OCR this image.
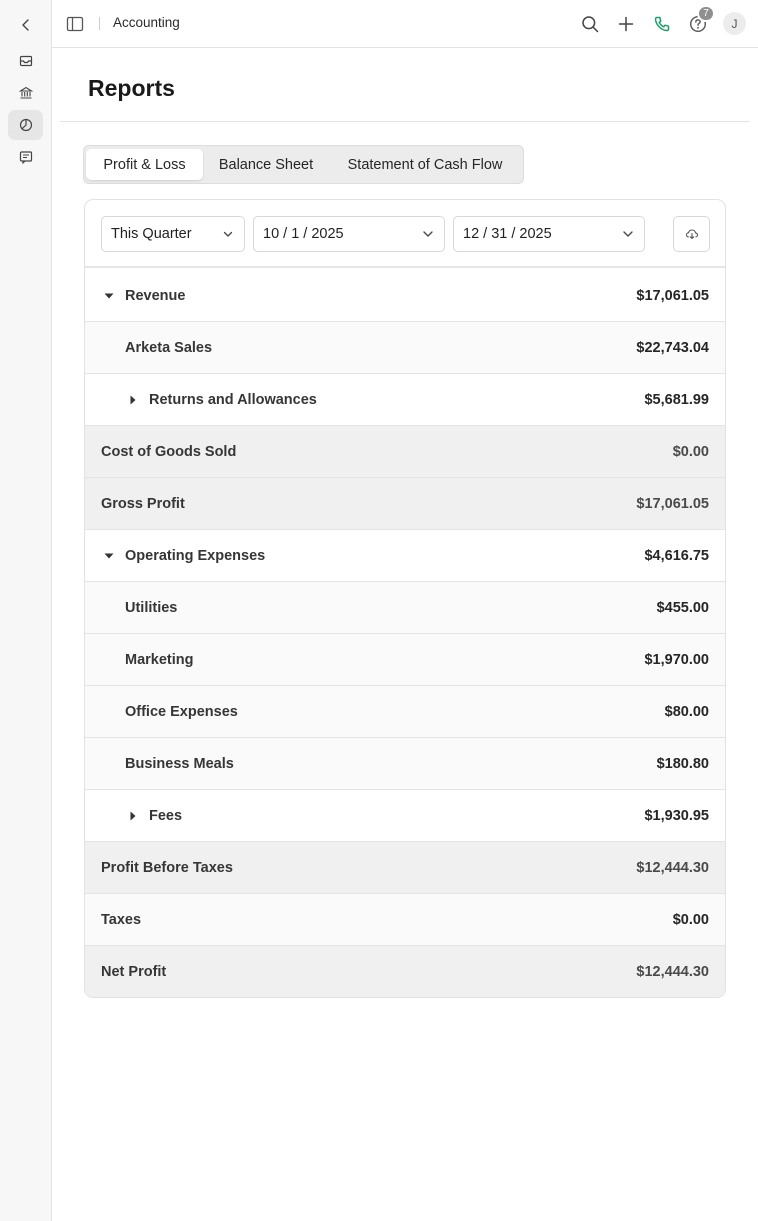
Accounting
7
J
Reports
Profit & Loss	Balance Sheet	Statement of Cash Flow
This Quarter	10 / 1 / 2025	12 / 31 / 2025
Revenue	$17,061.05
Arketa Sales	$22,743.04
Returns and Allowances	$5,681.99
Cost of Goods Sold	$0.00
Gross Profit	$17,061.05
Operating Expenses	$4,616.75
Utilities	$455.00
Marketing	$1,970.00
Office Expenses	$80.00
Business Meals	$180.80
Fees	$1,930.95
Profit Before Taxes	$12,444.30
Taxes	$0.00
Net Profit	$12,444.30
